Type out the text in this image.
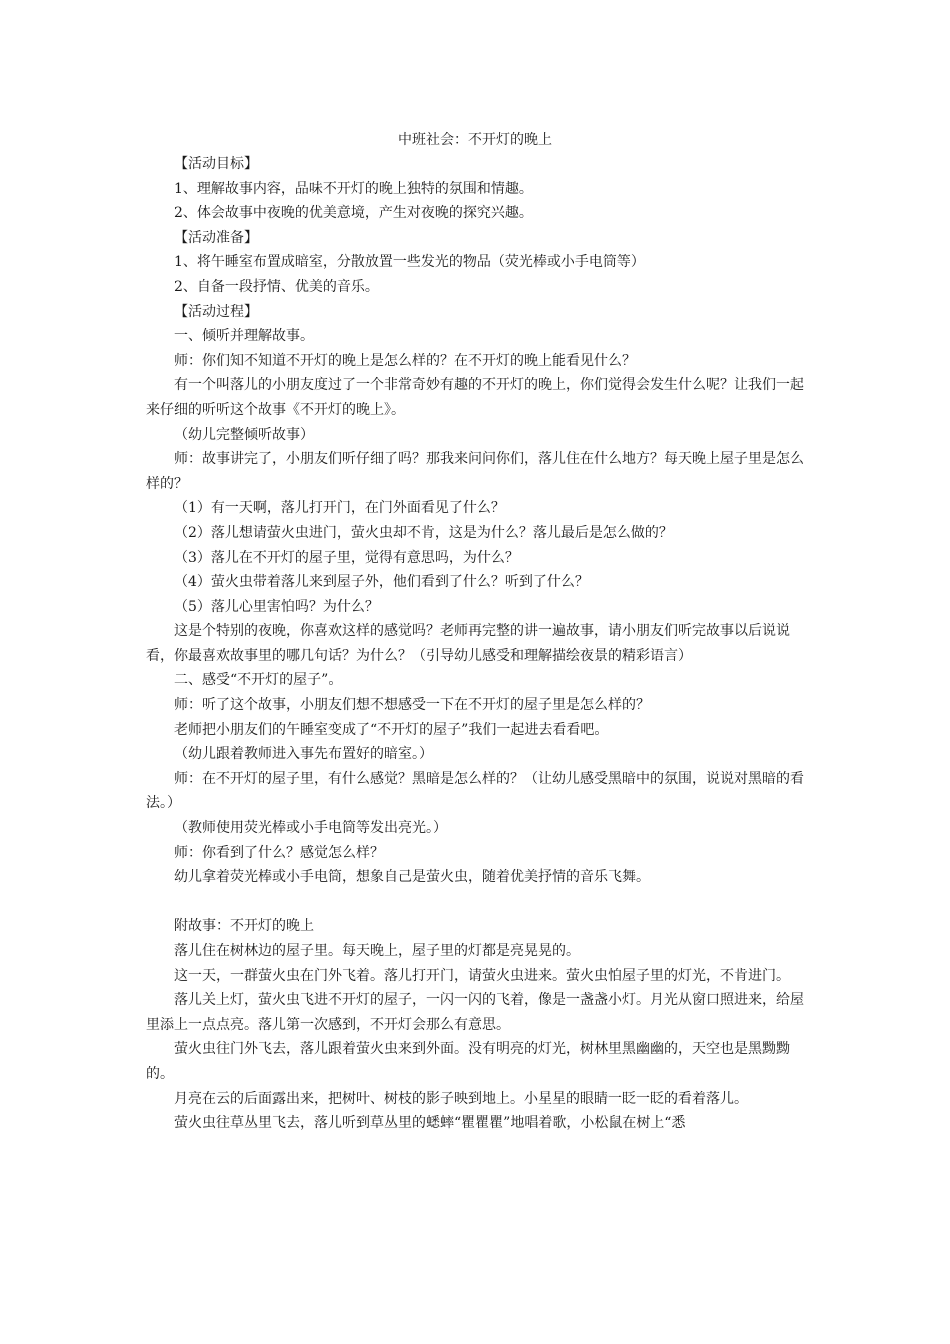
中班社会：不开灯的晚上

【活动目标】

1、理解故事内容，品味不开灯的晚上独特的氛围和情趣。

2、体会故事中夜晚的优美意境，产生对夜晚的探究兴趣。

【活动准备】

1、将午睡室布置成暗室，分散放置一些发光的物品（荧光棒或小手电筒等）

2、自备一段抒情、优美的音乐。

【活动过程】

一、倾听并理解故事。

师：你们知不知道不开灯的晚上是怎么样的？在不开灯的晚上能看见什么？

有一个叫落儿的小朋友度过了一个非常奇妙有趣的不开灯的晚上，你们觉得会发生什么呢？让我们一起来仔细的听听这个故事《不开灯的晚上》。

（幼儿完整倾听故事）

师：故事讲完了，小朋友们听仔细了吗？那我来问问你们，落儿住在什么地方？每天晚上屋子里是怎么样的？

（1）有一天啊，落儿打开门，在门外面看见了什么？

（2）落儿想请萤火虫进门，萤火虫却不肯，这是为什么？落儿最后是怎么做的？

（3）落儿在不开灯的屋子里，觉得有意思吗，为什么？

（4）萤火虫带着落儿来到屋子外，他们看到了什么？听到了什么？

（5）落儿心里害怕吗？为什么？

这是个特别的夜晚，你喜欢这样的感觉吗？老师再完整的讲一遍故事，请小朋友们听完故事以后说说看，你最喜欢故事里的哪几句话？为什么？（引导幼儿感受和理解描绘夜景的精彩语言）

二、感受“不开灯的屋子”。

师：听了这个故事，小朋友们想不想感受一下在不开灯的屋子里是怎么样的？

老师把小朋友们的午睡室变成了“不开灯的屋子”我们一起进去看看吧。

（幼儿跟着教师进入事先布置好的暗室。）

师：在不开灯的屋子里，有什么感觉？黑暗是怎么样的？（让幼儿感受黑暗中的氛围，说说对黑暗的看法。）

（教师使用荧光棒或小手电筒等发出亮光。）

师：你看到了什么？感觉怎么样？

幼儿拿着荧光棒或小手电筒，想象自己是萤火虫，随着优美抒情的音乐飞舞。

附故事：不开灯的晚上

落儿住在树林边的屋子里。每天晚上，屋子里的灯都是亮晃晃的。

这一天，一群萤火虫在门外飞着。落儿打开门，请萤火虫进来。萤火虫怕屋子里的灯光，不肯进门。

落儿关上灯，萤火虫飞进不开灯的屋子，一闪一闪的飞着，像是一盏盏小灯。月光从窗口照进来，给屋里添上一点点亮。落儿第一次感到，不开灯会那么有意思。

萤火虫往门外飞去，落儿跟着萤火虫来到外面。没有明亮的灯光，树林里黑幽幽的，天空也是黑黝黝的。

月亮在云的后面露出来，把树叶、树枝的影子映到地上。小星星的眼睛一眨一眨的看着落儿。

萤火虫往草丛里飞去，落儿听到草丛里的蟋蟀“瞿瞿瞿”地唱着歌，小松鼠在树上“悉
